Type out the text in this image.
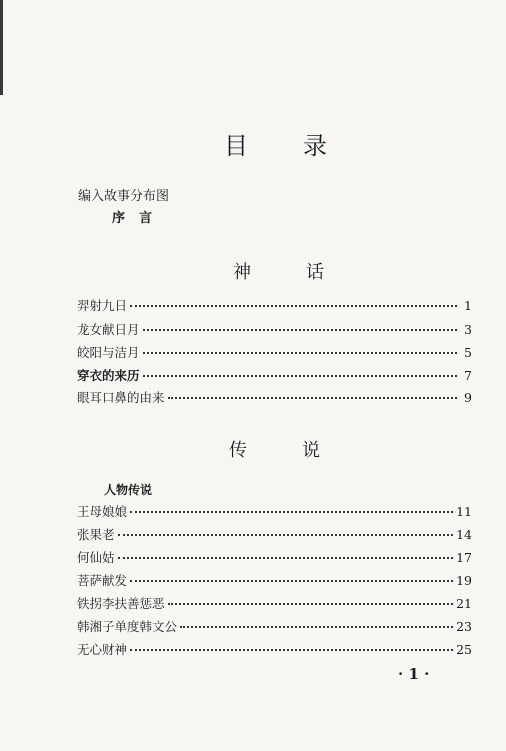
目 录
编入故事分布图
序言
神	话
羿射九日	1
龙女献日月	3
皎阳与洁月	5
穿衣的来历	7
眼耳口鼻的由来	9
传	说
人物传说
王母娘娘	11
张果老	14
何仙姑	17
菩萨献发	19
铁拐李扶善惩恶	21
韩湘子单度韩文公	23
无心财神	25
· 1 ·
